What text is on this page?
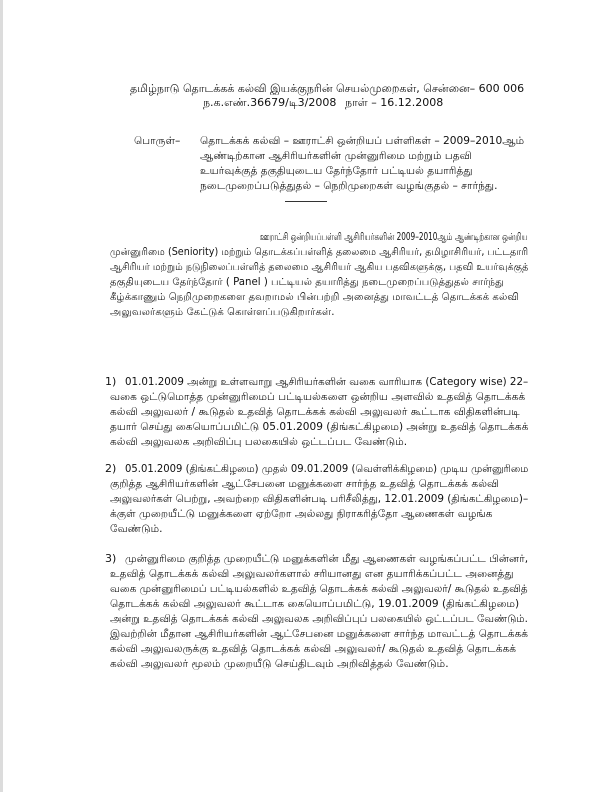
தமிழ்நாடு தொடக்கக் கல்வி இயக்குநரின் செயல்முறைகள், சென்னை– 600 006
ந.க.எண்.36679/டி3/2008 நாள் – 16.12.2008
பொருள்– தொடக்கக் கல்வி – ஊராட்சி ஒன்றியப் பள்ளிகள் – 2009–2010ஆம்
ஆண்டிற்கான ஆசிரியர்களின் முன்னுரிமை மற்றும் பதவி
உயர்வுக்குத் தகுதியுடைய தேர்ந்தோர் பட்டியல் தயாரித்து
நடைமுறைப்படுத்துதல் – நெறிமுறைகள் வழங்குதல் – சார்ந்து.
ஊராட்சி ஒன்றியப்பள்ளி ஆசிரியர்களின் 2009–2010ஆம் ஆண்டிற்கான ஒன்றிய
முன்னுரிமை (Seniority) மற்றும் தொடக்கப்பள்ளித் தலைமை ஆசிரியர், தமிழாசிரியர், பட்டதாரி
ஆசிரியர் மற்றும் நடுநிலைப்பள்ளித் தலைமை ஆசிரியர் ஆகிய பதவிகளுக்கு, பதவி உயர்வுக்குத்
தகுதியுடைய தேர்ந்தோர் ( Panel ) பட்டியல் தயாரித்து நடைமுறைப்படுத்துதல் சார்ந்து
கீழ்க்காணும் நெறிமுறைகளை தவறாமல் பின்பற்றி அனைத்து மாவட்டத் தொடக்கக் கல்வி
அலுவலர்களும் கேட்டுக் கொள்ளப்படுகிறார்கள்.
1) 01.01.2009 அன்று உள்ளவாறு ஆசிரியர்களின் வகை வாரியாக (Category wise) 22–
வகை ஒட்டுமொத்த முன்னுரிமைப் பட்டியல்களை ஒன்றிய அளவில் உதவித் தொடக்கக்
கல்வி அலுவலர் / கூடுதல் உதவித் தொடக்கக் கல்வி அலுவலர் கூட்டாக விதிகளின்படி
தயார் செய்து கையொப்பமிட்டு 05.01.2009 (திங்கட்கிழமை) அன்று உதவித் தொடக்கக்
கல்வி அலுவலக அறிவிப்பு பலகையில் ஒட்டப்பட வேண்டும்.
2) 05.01.2009 (திங்கட்கிழமை) முதல் 09.01.2009 (வெள்ளிக்கிழமை) முடிய முன்னுரிமை
குறித்த ஆசிரியர்களின் ஆட்சேபனை மனுக்களை சார்ந்த உதவித் தொடக்கக் கல்வி
அலுவலர்கள் பெற்று, அவற்றை விதிகளின்படி பரிசீலித்து, 12.01.2009 (திங்கட்கிழமை)–
க்குள் முறையீட்டு மனுக்களை ஏற்றோ அல்லது நிராகரித்தோ ஆணைகள் வழங்க
வேண்டும்.
3) முன்னுரிமை குறித்த முறையீட்டு மனுக்களின் மீது ஆணைகள் வழங்கப்பட்ட பின்னர்,
உதவித் தொடக்கக் கல்வி அலுவலர்களால் சரியானது என தயாரிக்கப்பட்ட அனைத்து
வகை முன்னுரிமைப் பட்டியல்களில் உதவித் தொடக்கக் கல்வி அலுவலர்/ கூடுதல் உதவித்
தொடக்கக் கல்வி அலுவலர் கூட்டாக கையொப்பமிட்டு, 19.01.2009 (திங்கட்கிழமை)
அன்று உதவித் தொடக்கக் கல்வி அலுவலக அறிவிப்புப் பலகையில் ஒட்டப்பட வேண்டும்.
இவற்றின் மீதான ஆசிரியர்களின் ஆட்சேபனை மனுக்களை சார்ந்த மாவட்டத் தொடக்கக்
கல்வி அலுவலருக்கு உதவித் தொடக்கக் கல்வி அலுவலர்/ கூடுதல் உதவித் தொடக்கக்
கல்வி அலுவலர் மூலம் முறையீடு செய்திடவும் அறிவித்தல் வேண்டும்.
